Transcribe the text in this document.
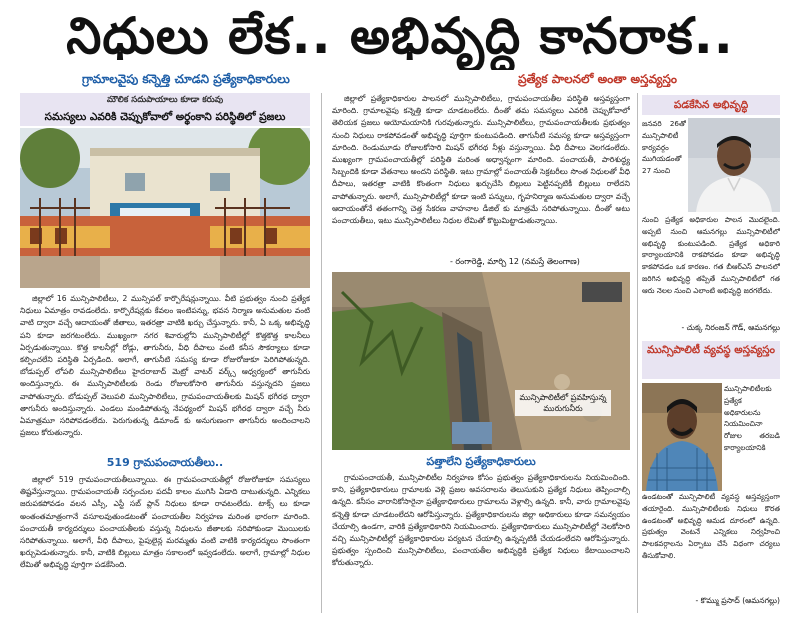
నిధులు లేక.. అభివృద్ధి కానరాక..
గ్రామాలవైపు కన్నెత్తి చూడని ప్రత్యేకాధికారులు	ప్రత్యేక పాలనలో అంతా అస్తవ్యస్తం
మౌలిక సదుపాయాలు కూడా కరువు
సమస్యలు ఎవరికి చెప్పుకోవాలో అర్థంకాని పరిస్థితిలో ప్రజలు

జిల్లాలో 16 మున్సిపాలిటీలు, 2 మున్సిపల్ కార్పొరేషన్లున్నాయి. వీటి ప్రభుత్వం నుంచి ప్రత్యేక నిధులు ఏమాత్రం రావడంలేదు. కార్పొరేషన్లకు కేవలం ఇంటిపన్ను, భవన నిర్మాణ అనుమతుల వంటి వాటి ద్వారా వచ్చే ఆదాయంతో జీతాలు, ఇతరత్రా వాటికి ఖర్చు చేస్తున్నారు. కానీ, ఏ ఒక్క అభివృద్ధి పని కూడా జరగటంలేదు. ముఖ్యంగా నగర శివారుల్లోని మున్సిపాలిటీల్లో కొత్తకొత్త కాలనీలు ఏర్పడుతున్నాయి. కొత్త కాలనీల్లో రోడ్లు, తాగునీరు, వీధి దీపాలు వంటి కనీస సౌకర్యాలు కూడా కల్పించలేని పరిస్థితి ఏర్పడింది. అలాగే, తాగునీటి సమస్య కూడా రోజురోజుకూ పెరిగిపోతున్నది. బోడుప్పల్ లోపలి మున్సిపాలిటీలు హైదరాబాద్ మెట్రో వాటర్ వర్క్స్ ఆధ్వర్యంలో తాగునీరు అందిస్తున్నారు. ఈ మున్సిపాలిటీలకు రెండు రోజులకోసారి తాగునీరు వస్తున్నదని ప్రజలు వాపోతున్నారు. బోడుప్పల్ వెలుపలి మున్సిపాలిటీలు, గ్రామపంచాయతీలకు మిషన్ భగీరథ ద్వారా తాగునీరు అందిస్తున్నారు. ఎండలు మండిపోతున్న నేపథ్యంలో మిషన్ భగీరథ ద్వారా వచ్చే నీరు ఏమాత్రమూ సరిపోవడంలేదు. పెరుగుతున్న డిమాండ్ కు అనుగుణంగా తాగునీరు అందించాలని ప్రజలు కోరుతున్నారు.

519 గ్రామపంచాయతీలు..

జిల్లాలో 519 గ్రామపంచాయతీలున్నాయి. ఈ గ్రామపంచాయతీల్లో రోజురోజుకూ సమస్యలు తిష్టవేస్తున్నాయి. గ్రామపంచాయతీ సర్పంచుల పదవీ కాలం ముగిసి ఏడాది దాటుతున్నది. ఎన్నికలు జరుపకపోవడం వలన ఎస్సీ, ఎస్టీ సబ్ ప్లాన్ నిధులు కూడా రావటంలేదు. టాక్స్ లు కూడా అంతంతమాత్రంగానే వసూలవుతుండటంతో పంచాయతీల నిర్వహణ మరింత భారంగా మారింది. పంచాయతీ కార్యదర్శులు పంచాయతీలకు వస్తున్న నిధులను జీతాలకు సరిపోకుండా మొయిలకు సరిపోతున్నాయి. అలాగే, వీధి దీపాలు, పైపులైన్ల మరమ్మతు వంటి వాటికి కార్యదర్శులు సొంతంగా ఖర్చుపెడుతున్నారు. కానీ, వాటికి బిల్లులు మాత్రం సకాలంలో ఇవ్వడంలేదు. అలాగే, గ్రామాల్లో నిధుల లేమితో అభివృద్ధి పూర్తిగా పడకేసింది.

జిల్లాలో ప్రత్యేకాధికారుల పాలనలో మున్సిపాలిటీలు, గ్రామపంచాయతీల పరిస్థితి అస్తవ్యస్తంగా మారింది. గ్రామాలవైపు కన్నెత్తి కూడా చూడటంలేదు. దీంతో తమ సమస్యలు ఎవరికి చెప్పుకోవాలో తెలియక ప్రజలు ఆయోమయానికి గురవుతున్నారు. మున్సిపాలిటీలు, గ్రామపంచాయతీలకు ప్రభుత్వం నుంచి నిధులు రాకపోవడంతో అభివృద్ధి పూర్తిగా కుంటుపడింది. తాగునీటి సమస్య కూడా అస్తవ్యస్తంగా మారింది. రెండుమూడు రోజులకోసారి మిషన్ భగీరథ నీళ్లు వస్తున్నాయి. వీధి దీపాలు వెలగడంలేదు. ముఖ్యంగా గ్రామపంచాయతీల్లో పరిస్థితి మరింత అధ్వాన్నంగా మారింది. పంచాయతీ, పారిశుద్ధ్య సిబ్బందికి కూడా వేతనాలు అందని పరిస్థితి. ఇటు గ్రామాల్లో పంచాయతీ సెక్రటరీలు సొంత నిధులతో వీధి దీపాలు, ఇతరత్రా వాటికి కొంతంగా నిధులు ఖర్చుచేసి బిల్లులు పెట్టినప్పటికీ బిల్లులు రాలేదని వాపోతున్నారు. అలాగే, మున్సిపాలిటీల్లో కూడా ఇంటి పన్నులు, గృహనిర్మాణ అనుమతుల ద్వారా వచ్చే ఆదాయంతోనే తతంగాన్ని చెత్త సేకరణ వాహనాల డీజిల్ కు మాత్రమే సరిపోతున్నాయి. దీంతో అటు పంచాయతీలు, ఇటు మున్సిపాలిటీలు నిధుల లేమితో కొట్టుమిట్టాడుతున్నాయి.

- రంగారెడ్డి, మార్చి 12 (నమస్తే తెలంగాణ)
మున్సిపాలిటీలో ప్రవహిస్తున్న మురుగునీరు
పత్తాలేని ప్రత్యేకాధికారులు

గ్రామపంచాయతీ, మున్సిపాలిటీల నిర్వహణ కోసం ప్రభుత్వం ప్రత్యేకాధికారులను నియమించింది. కాని, ప్రత్యేకాధికారులు గ్రామాలకు వెళ్లి ప్రజల అవసరాలను తెలుసుకుని ప్రత్యేక నిధులు తెప్పించాల్సి ఉన్నది. కనీసం వారానికోసారైనా ప్రత్యేకాధికారులు గ్రామాలను వెళ్లాల్సి ఉన్నది. కానీ, వారు గ్రామాలవైపు కన్నెత్తి కూడా చూడటంలేదని ఆరోపిస్తున్నారు. ప్రత్యేకాధికారులను జిల్లా అధికారులు కూడా సమన్వయం చేయాల్సి ఉండగా, వారికి ప్రత్యేకాధికారిని నియమించారు. ప్రత్యేకాధికారులు మున్సిపాలిటీల్లో నెలకోసారి వచ్చి మున్సిపాలిటీల్లో ప్రత్యేకాధికారుల పర్యటన చేయాల్సి ఉన్నప్పటికీ చేయడంలేదని ఆరోపిస్తున్నారు. ప్రభుత్వం స్పందించి మున్సిపాలిటీలు, పంచాయతీల అభివృద్ధికి ప్రత్యేక నిధులు కేటాయించాలని కోరుతున్నారు.

పడకేసిన అభివృద్ధి
జనవరి 26తో మున్సిపాలిటీ కార్యవర్గం ముగియడంతో 27 నుంచి
నుంచి ప్రత్యేక అధికారుల పాలన మొదలైంది. అప్పటి నుంచి ఆమనగల్లు మున్సిపాలిటీలో అభివృద్ధి కుంటుపడింది. ప్రత్యేక అధికారి కార్యాలయానికి రాకపోవడం కూడా అభివృద్ధి కాకపోవడం ఒక కారణం. గత బీఆర్ఎస్ పాలనలో జరిగిన అభివృద్ధి తప్పితే మున్సిపాలిటీలో గత ఆరు నెలల నుంచి ఎలాంటి అభివృద్ధి జరగలేదు.
- చుక్క నిరంజన్ గౌడ్, ఆమనగల్లు
మున్సిపాలిటీ వ్యవస్థ అస్తవ్యస్తం
మున్సిపాలిటీలకు ప్రత్యేక అధికారులను నియమించినా రోజుల తరబడి కార్యాలయానికి
ఉండటంతో మున్సిపాలిటీ వ్యవస్థ అస్తవ్యస్తంగా తయారైంది. మున్సిపాలిటీలకు నిధులు కొరత ఉండటంతో అభివృద్ధి ఆమడ దూరంలో ఉన్నది. ప్రభుత్వం వెంటనే ఎన్నికలు నిర్వహించి పాలకవర్గాలను ఏర్పాటు చేసే విధంగా చర్యలు తీసుకోవాలి.
- కొమ్ము ప్రసాద్ (ఆమనగల్లు)
